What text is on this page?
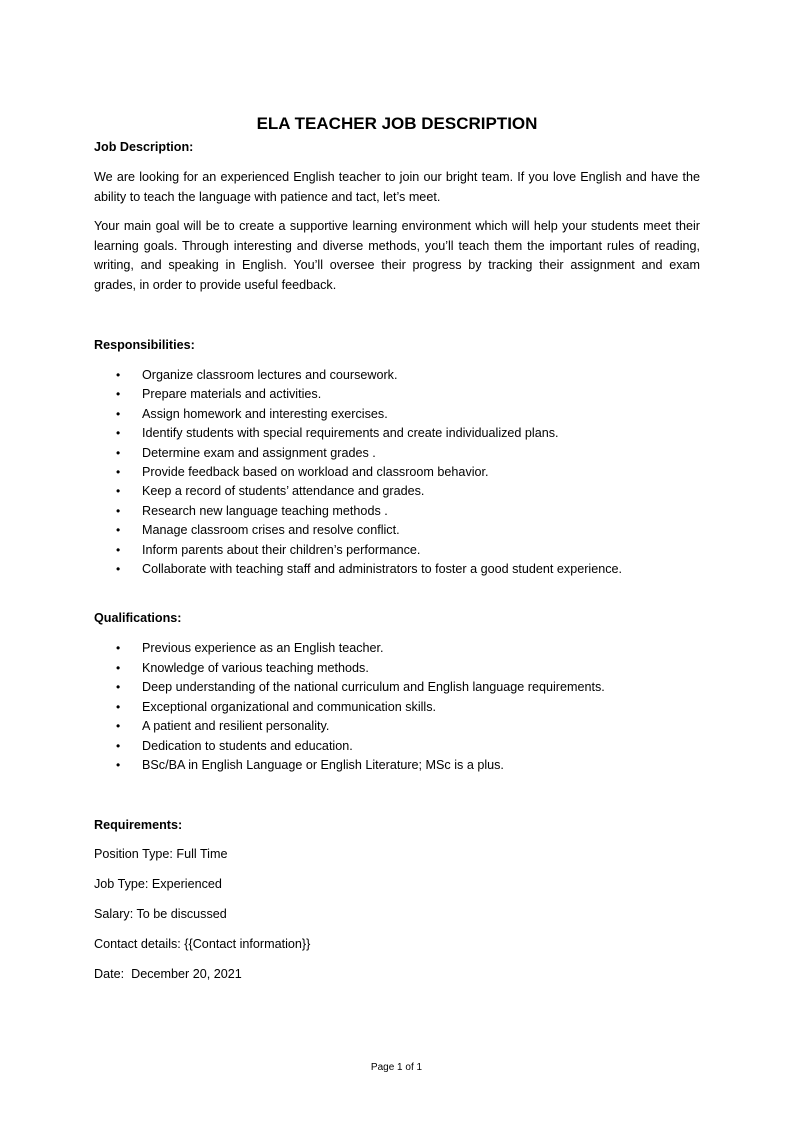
ELA TEACHER JOB DESCRIPTION
Job Description:

We are looking for an experienced English teacher to join our bright team. If you love English and have the ability to teach the language with patience and tact, let’s meet.

Your main goal will be to create a supportive learning environment which will help your students meet their learning goals. Through interesting and diverse methods, you’ll teach them the important rules of reading, writing, and speaking in English. You’ll oversee their progress by tracking their assignment and exam grades, in order to provide useful feedback.

Responsibilities:
• Organize classroom lectures and coursework.
• Prepare materials and activities.
• Assign homework and interesting exercises.
• Identify students with special requirements and create individualized plans.
• Determine exam and assignment grades .
• Provide feedback based on workload and classroom behavior.
• Keep a record of students’ attendance and grades.
• Research new language teaching methods .
• Manage classroom crises and resolve conflict.
• Inform parents about their children’s performance.
• Collaborate with teaching staff and administrators to foster a good student experience.
Qualifications:
• Previous experience as an English teacher.
• Knowledge of various teaching methods.
• Deep understanding of the national curriculum and English language requirements.
• Exceptional organizational and communication skills.
• A patient and resilient personality.
• Dedication to students and education.
• BSc/BA in English Language or English Literature; MSc is a plus.
Requirements:
Position Type: Full Time
Job Type: Experienced
Salary: To be discussed
Contact details: {{Contact information}}
Date:  December 20, 2021
Page 1 of 1
